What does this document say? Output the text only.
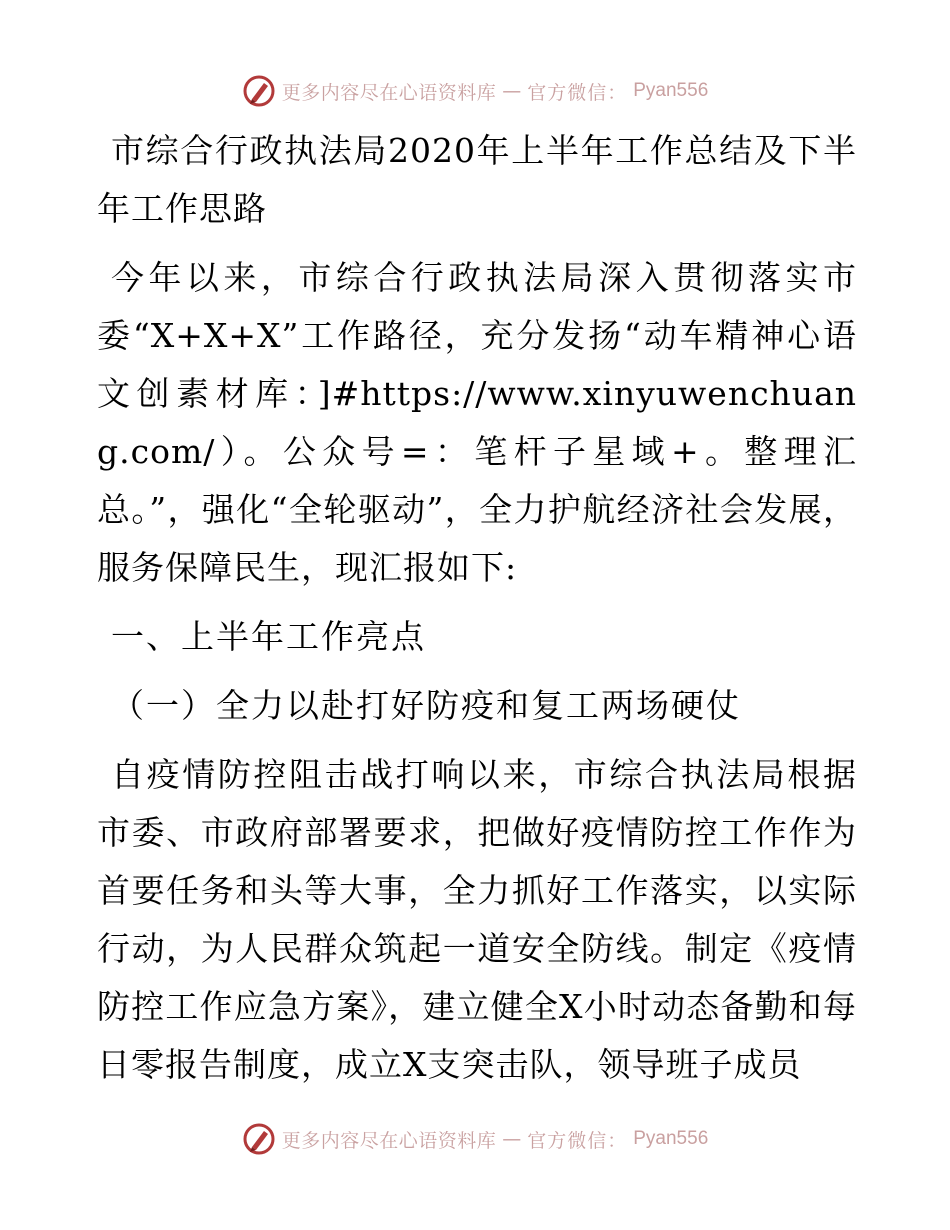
更多内容尽在心语资料库 — 官方微信： Pyan556

市综合行政执法局2020年上半年工作总结及下半年工作思路

今年以来，市综合行政执法局深入贯彻落实市委“X+X+X”工作路径，充分发扬“动车精神心语文创素材库：]#https://www.xinyuwenchuang.com/）。公众号=：笔杆子星域+。整理汇总。”，强化“全轮驱动”，全力护航经济社会发展，服务保障民生，现汇报如下:

一、上半年工作亮点

（一）全力以赴打好防疫和复工两场硬仗

自疫情防控阻击战打响以来，市综合执法局根据市委、市政府部署要求，把做好疫情防控工作作为首要任务和头等大事，全力抓好工作落实，以实际行动，为人民群众筑起一道安全防线。制定《疫情防控工作应急方案》，建立健全X小时动态备勤和每日零报告制度，成立X支突击队，领导班子成员

更多内容尽在心语资料库 — 官方微信： Pyan556
